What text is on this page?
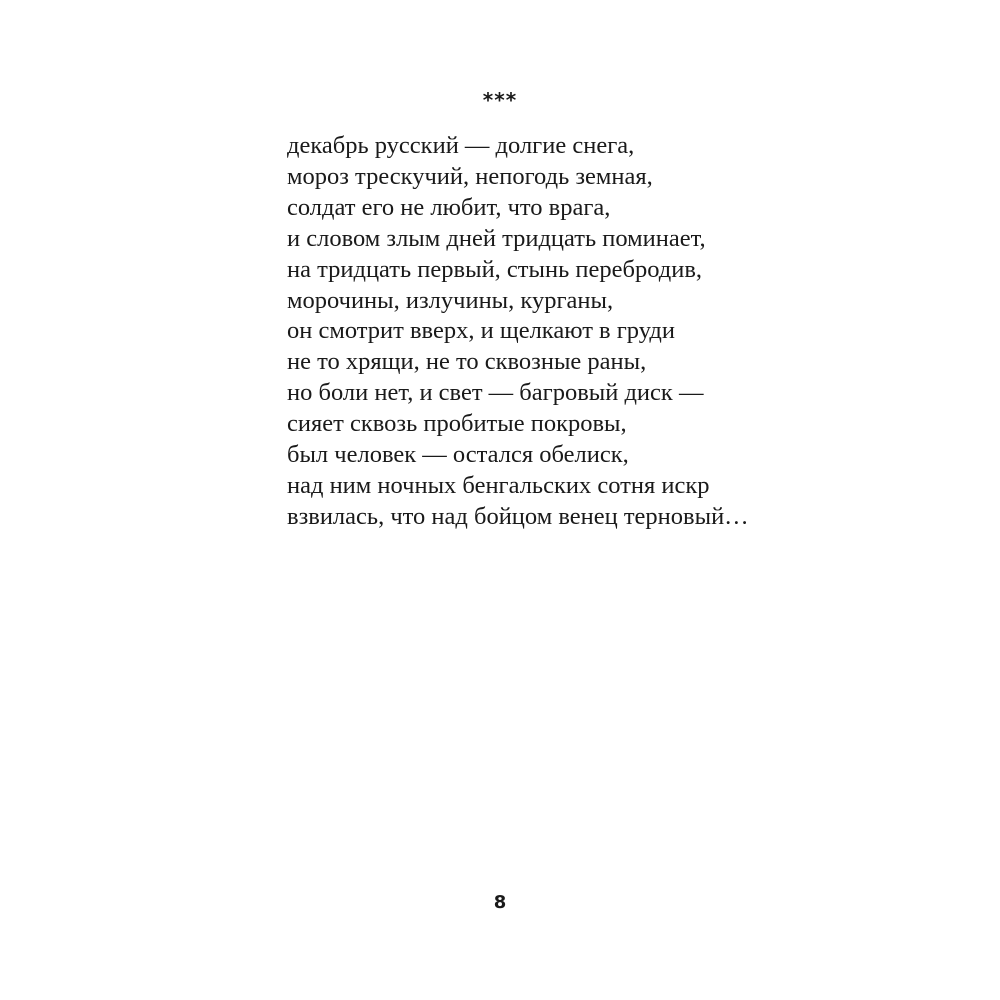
***
декабрь русский — долгие снега,
мороз трескучий, непогодь земная,
солдат его не любит, что врага,
и словом злым дней тридцать поминает,
на тридцать первый, стынь перебродив,
морочины, излучины, курганы,
он смотрит вверх, и щелкают в груди
не то хрящи, не то сквозные раны,
но боли нет, и свет — багровый диск —
сияет сквозь пробитые покровы,
был человек — остался обелиск,
над ним ночных бенгальских сотня искр
взвилась, что над бойцом венец терновый…
8
